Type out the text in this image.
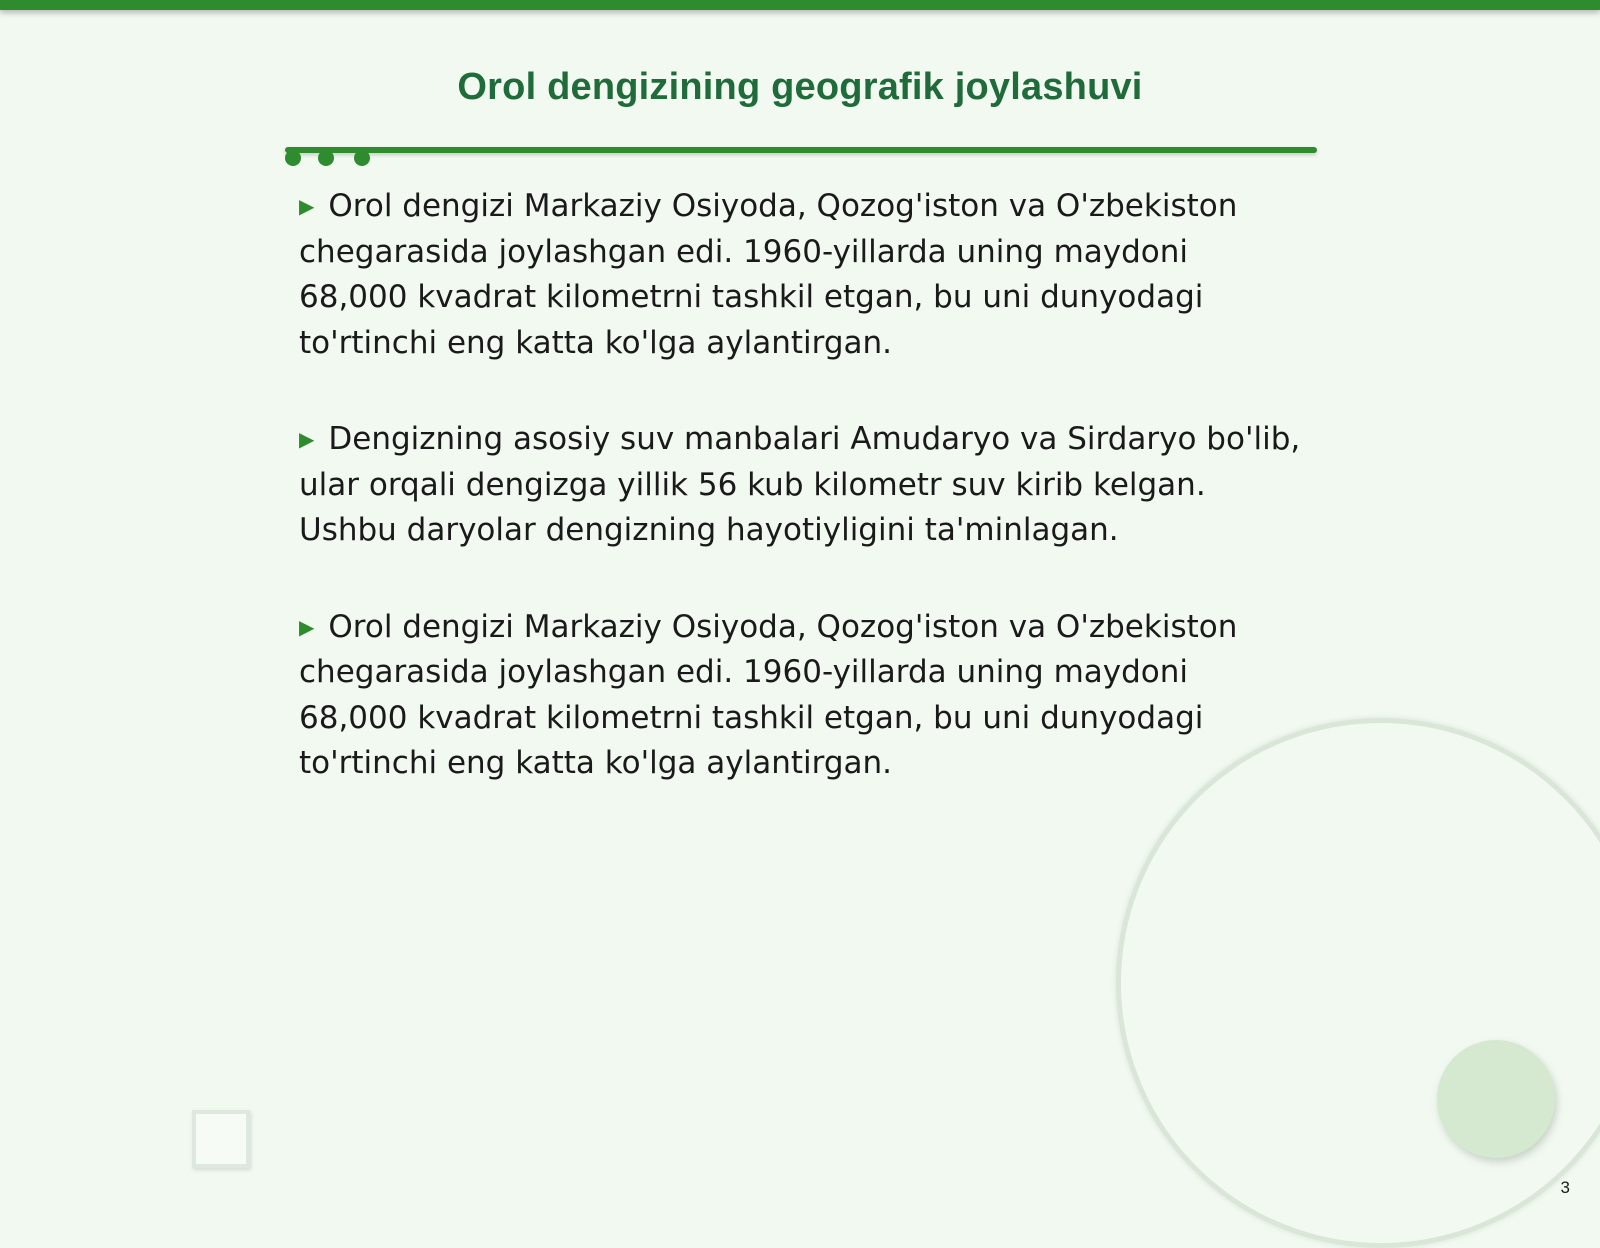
Orol dengizining geografik joylashuvi

▶ Orol dengizi Markaziy Osiyoda, Qozog'iston va O'zbekiston chegarasida joylashgan edi. 1960-yillarda uning maydoni 68,000 kvadrat kilometrni tashkil etgan, bu uni dunyodagi to'rtinchi eng katta ko'lga aylantirgan.

▶ Dengizning asosiy suv manbalari Amudaryo va Sirdaryo bo'lib, ular orqali dengizga yillik 56 kub kilometr suv kirib kelgan. Ushbu daryolar dengizning hayotiyligini ta'minlagan.

▶ Orol dengizi Markaziy Osiyoda, Qozog'iston va O'zbekiston chegarasida joylashgan edi. 1960-yillarda uning maydoni 68,000 kvadrat kilometrni tashkil etgan, bu uni dunyodagi to'rtinchi eng katta ko'lga aylantirgan.

3
